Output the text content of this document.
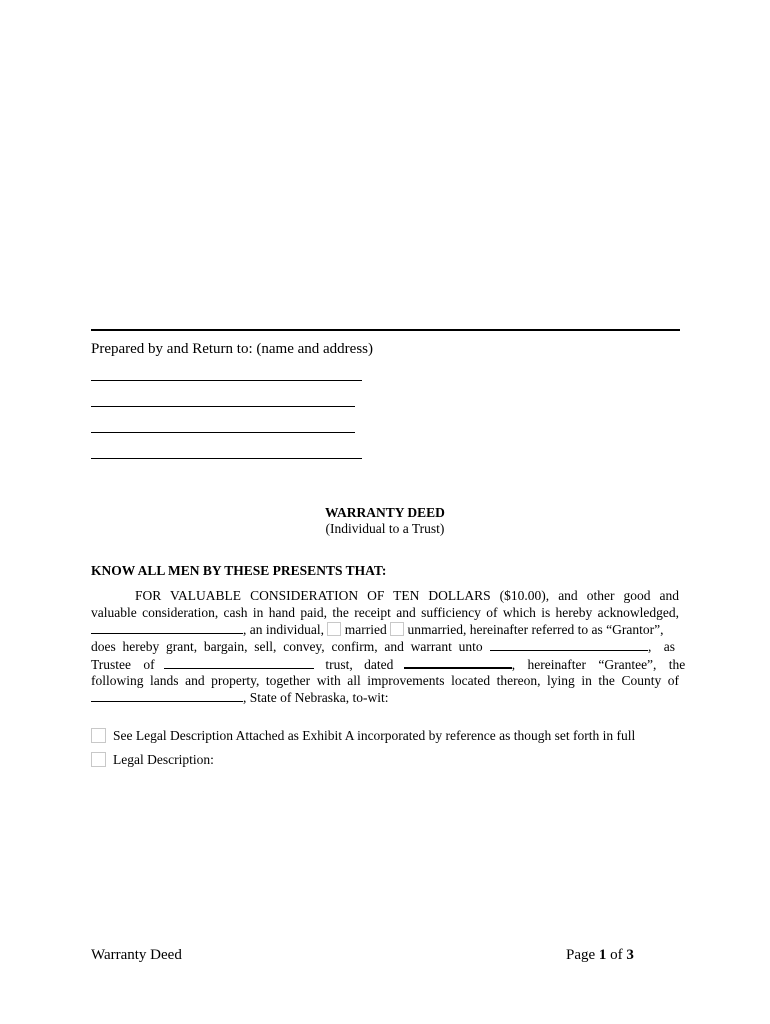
Prepared by and Return to: (name and address)
WARRANTY DEED
(Individual to a Trust)
KNOW ALL MEN BY THESE PRESENTS THAT:
FOR VALUABLE CONSIDERATION OF TEN DOLLARS ($10.00), and other good and
valuable consideration, cash in hand paid, the receipt and sufficiency of which is hereby acknowledged,
, an individual, married unmarried, hereinafter referred to as “Grantor”,
does hereby grant, bargain, sell, convey, confirm, and warrant unto	, as
Trustee of	trust, dated	, hereinafter “Grantee”, the
following lands and property, together with all improvements located thereon, lying in the County of
, State of Nebraska, to-wit:
See Legal Description Attached as Exhibit A incorporated by reference as though set forth in full
Legal Description:
Warranty Deed	Page 1 of 3
